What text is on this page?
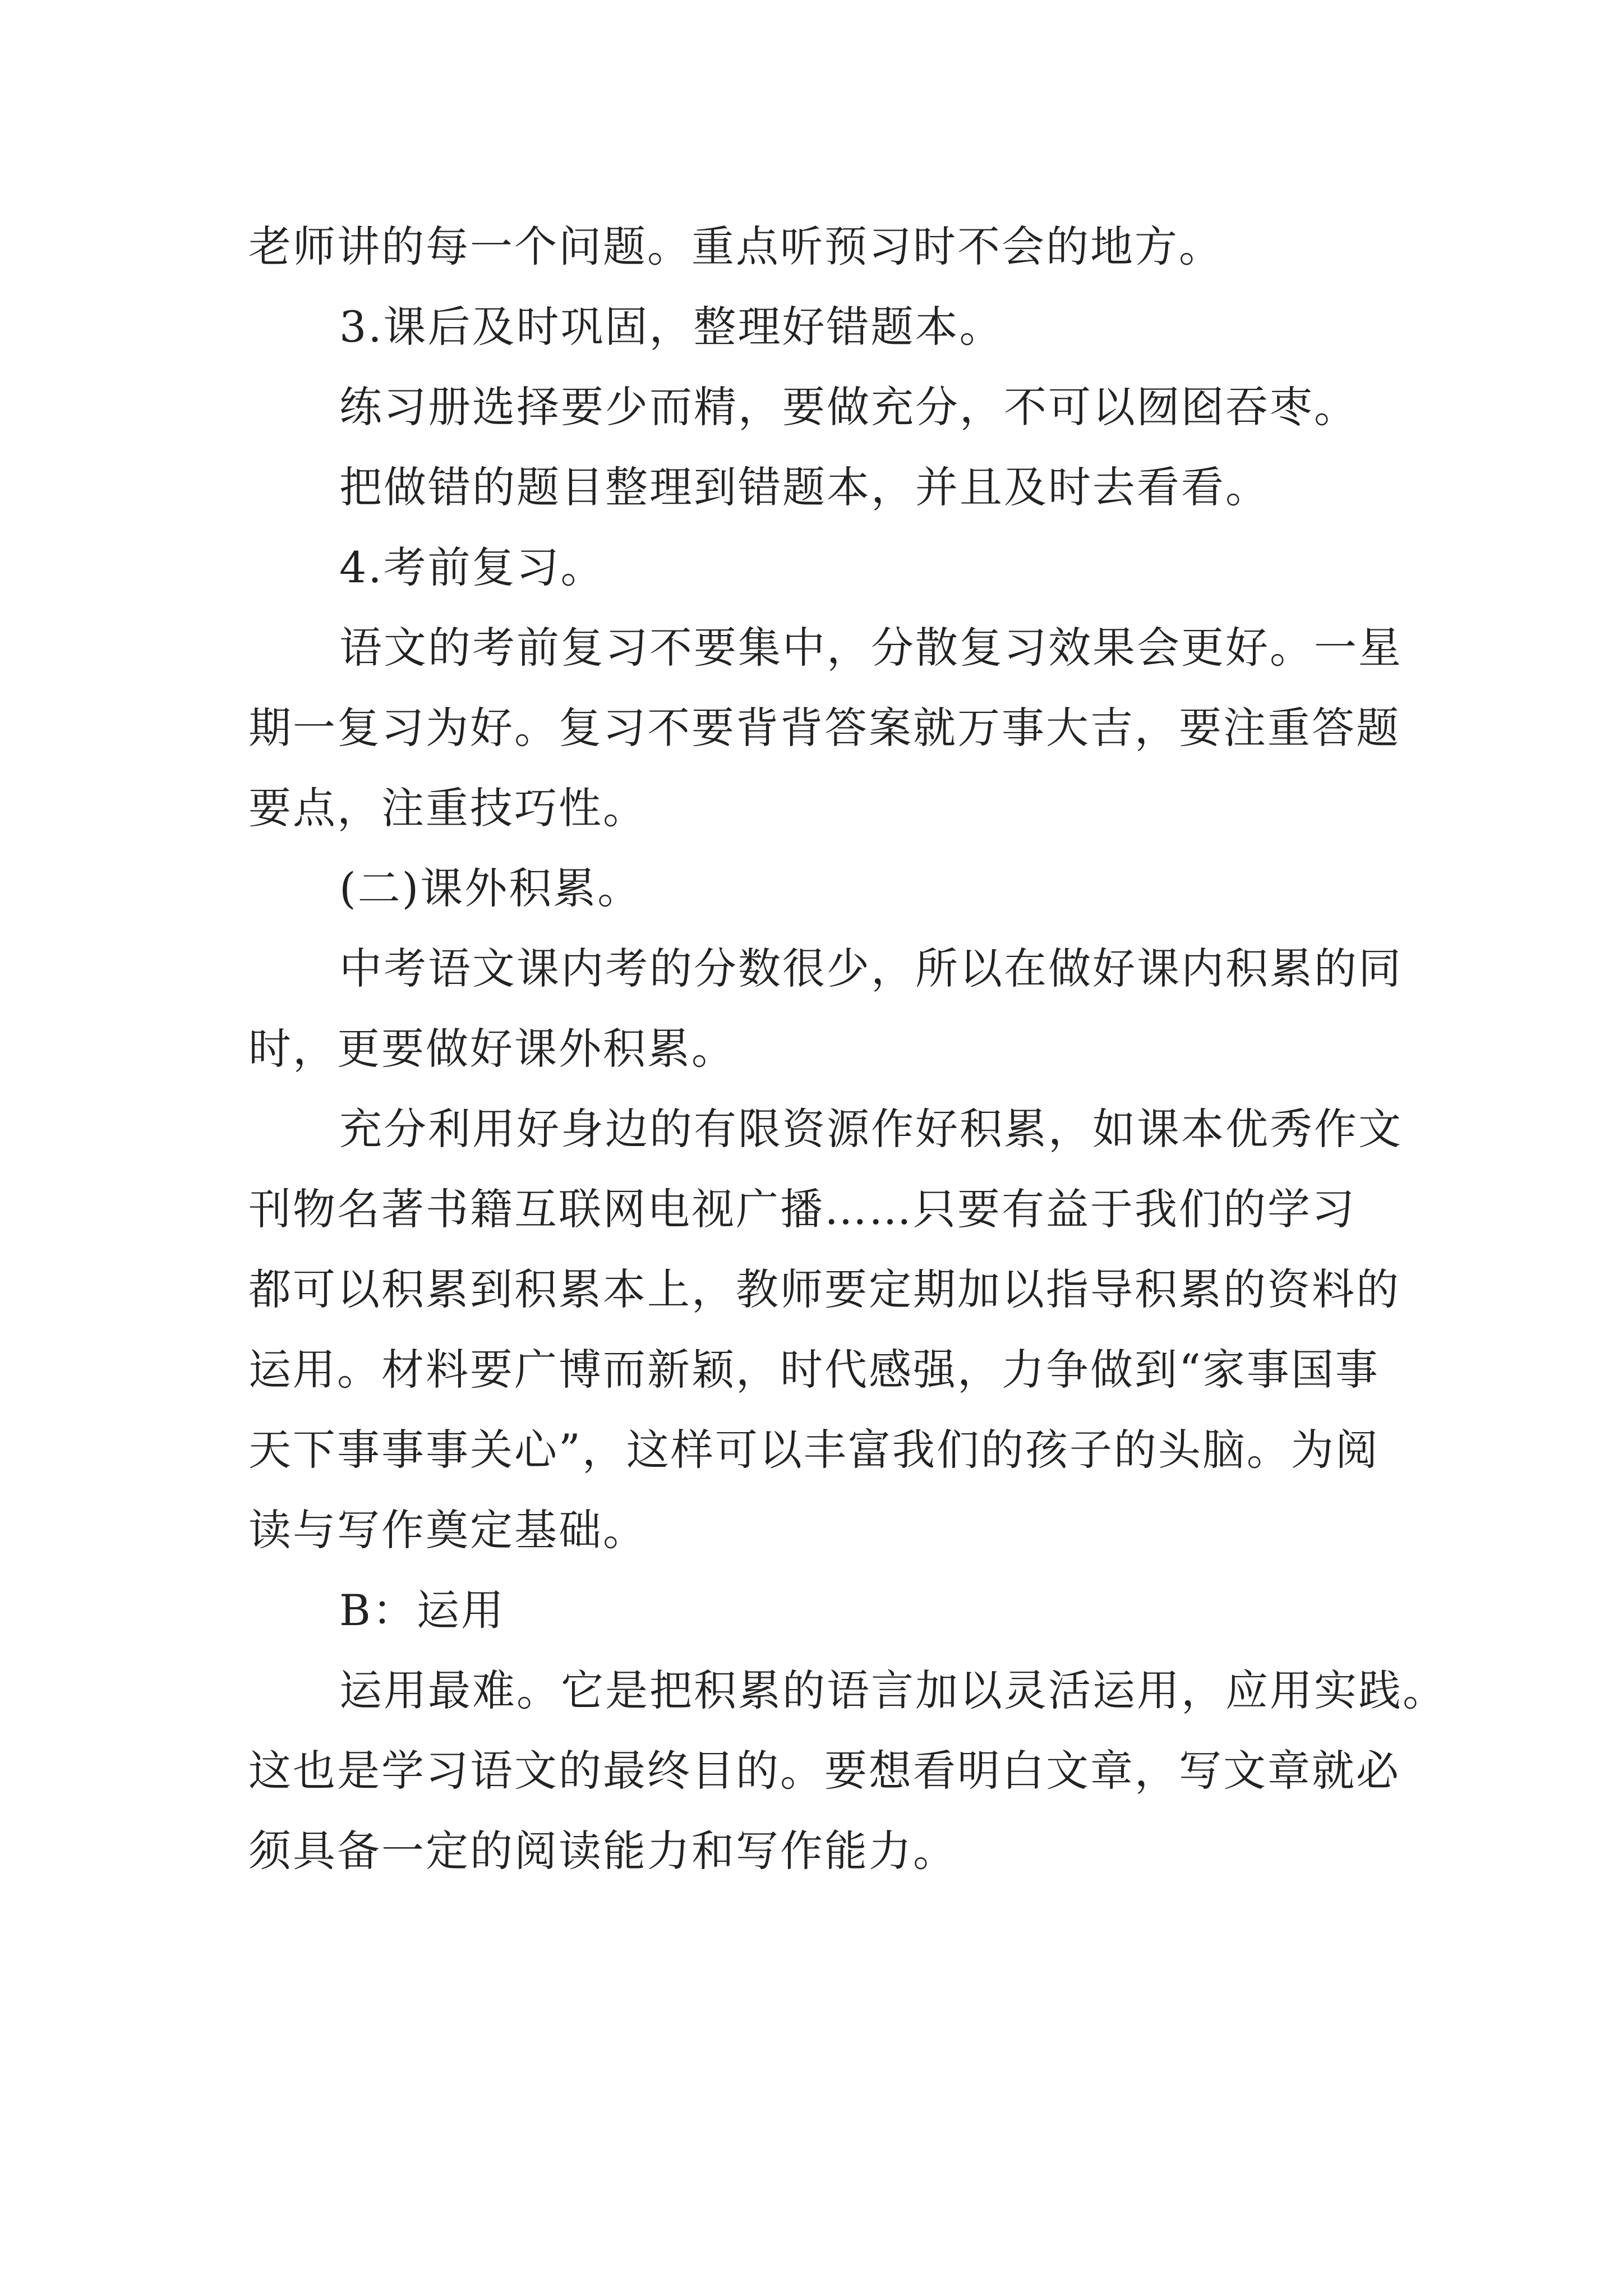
老师讲的每一个问题。重点听预习时不会的地方。

3.课后及时巩固，整理好错题本。

练习册选择要少而精，要做充分，不可以囫囵吞枣。

把做错的题目整理到错题本，并且及时去看看。

4.考前复习。

语文的考前复习不要集中，分散复习效果会更好。一星

期一复习为好。复习不要背背答案就万事大吉，要注重答题

要点，注重技巧性。

(二)课外积累。

中考语文课内考的分数很少，所以在做好课内积累的同

时，更要做好课外积累。

充分利用好身边的有限资源作好积累，如课本优秀作文

刊物名著书籍互联网电视广播……只要有益于我们的学习

都可以积累到积累本上，教师要定期加以指导积累的资料的

运用。材料要广博而新颖，时代感强，力争做到“家事国事

天下事事事关心”，这样可以丰富我们的孩子的头脑。为阅

读与写作奠定基础。

B：运用

运用最难。它是把积累的语言加以灵活运用，应用实践。

这也是学习语文的最终目的。要想看明白文章，写文章就必

须具备一定的阅读能力和写作能力。
